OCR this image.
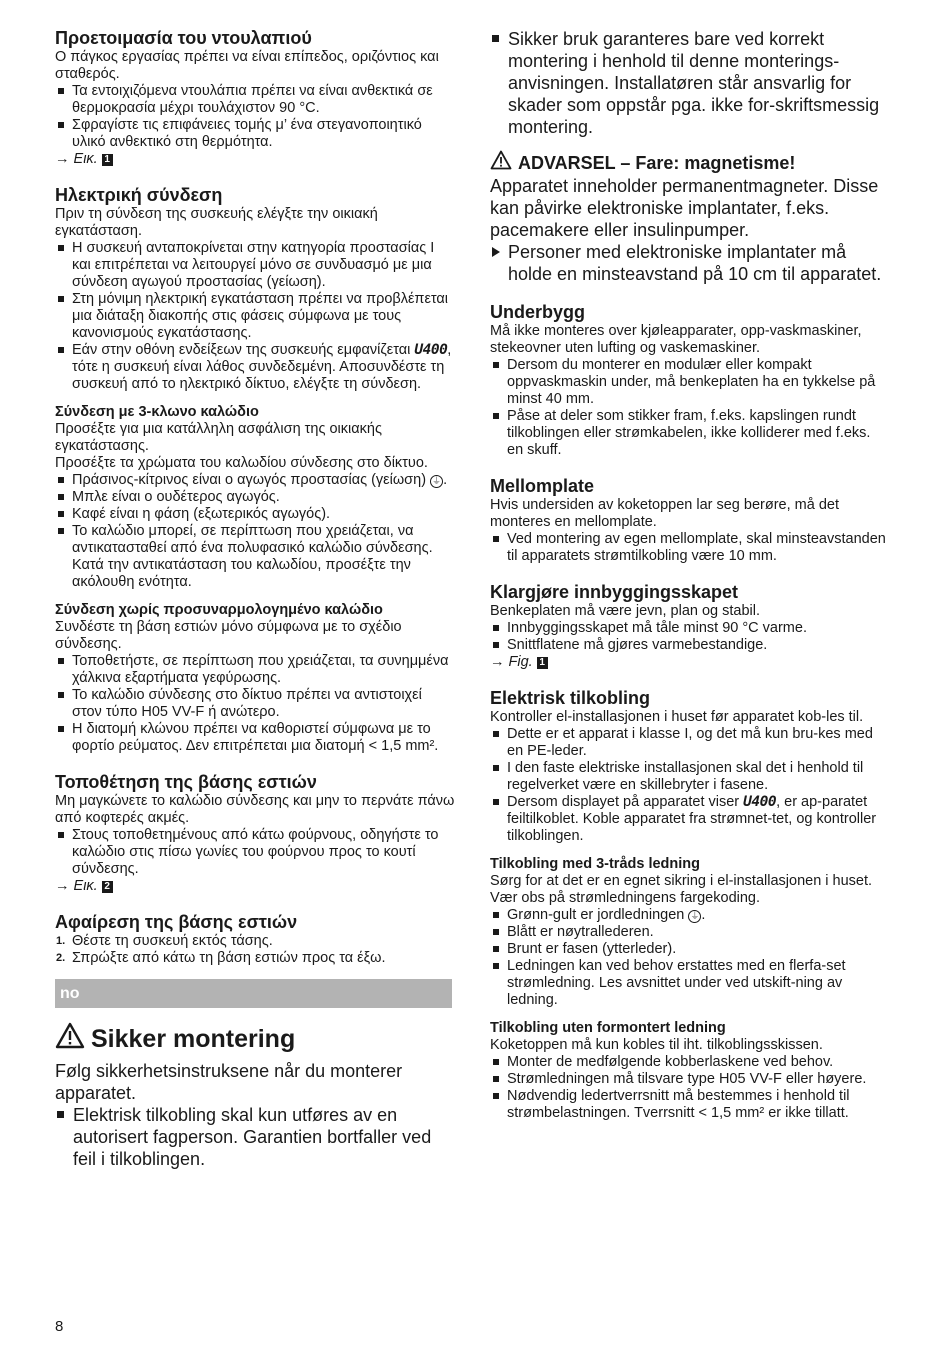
Προετοιμασία του ντουλαπιού

Ο πάγκος εργασίας πρέπει να είναι επίπεδος, οριζόντιος και σταθερός.

Τα εντοιχιζόμενα ντουλάπια πρέπει να είναι ανθεκτικά σε θερμοκρασία μέχρι τουλάχιστον 90 °C.
Σφραγίστε τις επιφάνειες τομής μ’ ένα στεγανοποιητικό υλικό ανθεκτικό στη θερμότητα.
→ Εικ. 1
Ηλεκτρική σύνδεση

Πριν τη σύνδεση της συσκευής ελέγξτε την οικιακή εγκατάσταση.

Η συσκευή ανταποκρίνεται στην κατηγορία προστασίας I και επιτρέπεται να λειτουργεί μόνο σε συνδυασμό με μια σύνδεση αγωγού προστασίας (γείωση).
Στη μόνιμη ηλεκτρική εγκατάσταση πρέπει να προβλέπεται μια διάταξη διακοπής στις φάσεις σύμφωνα με τους κανονισμούς εγκατάστασης.
Εάν στην οθόνη ενδείξεων της συσκευής εμφανίζεται U400, τότε η συσκευή είναι λάθος συνδεδεμένη. Αποσυνδέστε τη συσκευή από το ηλεκτρικό δίκτυο, ελέγξτε τη σύνδεση.
Σύνδεση με 3-κλωνο καλώδιο

Προσέξτε για μια κατάλληλη ασφάλιση της οικιακής εγκατάστασης.

Προσέξτε τα χρώματα του καλωδίου σύνδεσης στο δίκτυο.

Πράσινος-κίτρινος είναι ο αγωγός προστασίας (γείωση) ⏚ .
Μπλε είναι ο ουδέτερος αγωγός.
Καφέ είναι η φάση (εξωτερικός αγωγός).
Το καλώδιο μπορεί, σε περίπτωση που χρειάζεται, να αντικατασταθεί από ένα πολυφασικό καλώδιο σύνδεσης. Κατά την αντικατάσταση του καλωδίου, προσέξτε την ακόλουθη ενότητα.
Σύνδεση χωρίς προσυναρμολογημένο καλώδιο

Συνδέστε τη βάση εστιών μόνο σύμφωνα με το σχέδιο σύνδεσης.

Τοποθετήστε, σε περίπτωση που χρειάζεται, τα συνημμένα χάλκινα εξαρτήματα γεφύρωσης.
Το καλώδιο σύνδεσης στο δίκτυο πρέπει να αντιστοιχεί στον τύπο H05 VV-F ή ανώτερο.
Η διατομή κλώνου πρέπει να καθοριστεί σύμφωνα με το φορτίο ρεύματος. Δεν επιτρέπεται μια διατομή < 1,5 mm².
Τοποθέτηση της βάσης εστιών

Μη μαγκώνετε το καλώδιο σύνδεσης και μην το περνάτε πάνω από κοφτερές ακμές.

Στους τοποθετημένους από κάτω φούρνους, οδηγήστε το καλώδιο στις πίσω γωνίες του φούρνου προς το κουτί σύνδεσης.
→ Εικ. 2
Αφαίρεση της βάσης εστιών
1. Θέστε τη συσκευή εκτός τάσης.
2. Σπρώξτε από κάτω τη βάση εστιών προς τα έξω.
no
Sikker montering

Følg sikkerhetsinstruksene når du monterer apparatet.

Elektrisk tilkobling skal kun utføres av en autorisert fagperson. Garantien bortfaller ved feil i tilkoblingen.
Sikker bruk garanteres bare ved korrekt montering i henhold til denne monterings-anvisningen. Installatøren står ansvarlig for skader som oppstår pga. ikke for-skriftsmessig montering.
ADVARSEL – Fare: magnetisme!

Apparatet inneholder permanentmagneter. Disse kan påvirke elektroniske implantater, f.eks. pacemakere eller insulinpumper.

Personer med elektroniske implantater må holde en minsteavstand på 10 cm til apparatet.
Underbygg

Må ikke monteres over kjøleapparater, opp-vaskmaskiner, stekeovner uten lufting og vaskemaskiner.

Dersom du monterer en modulær eller kompakt oppvaskmaskin under, må benkeplaten ha en tykkelse på minst 40 mm.
Påse at deler som stikker fram, f.eks. kapslingen rundt tilkoblingen eller strømkabelen, ikke kolliderer med f.eks. en skuff.
Mellomplate

Hvis undersiden av koketoppen lar seg berøre, må det monteres en mellomplate.

Ved montering av egen mellomplate, skal minsteavstanden til apparatets strømtilkobling være 10 mm.
Klargjøre innbyggingsskapet

Benkeplaten må være jevn, plan og stabil.

Innbyggingsskapet må tåle minst 90 °C varme.
Snittflatene må gjøres varmebestandige.
→ Fig. 1
Elektrisk tilkobling

Kontroller el-installasjonen i huset før apparatet kob-les til.

Dette er et apparat i klasse I, og det må kun bru-kes med en PE-leder.
I den faste elektriske installasjonen skal det i henhold til regelverket være en skillebryter i fasene.
Dersom displayet på apparatet viser U400, er ap-paratet feiltilkoblet. Koble apparatet fra strømnet-tet, og kontroller tilkoblingen.
Tilkobling med 3-tråds ledning

Sørg for at det er en egnet sikring i el-installasjonen i huset.

Vær obs på strømledningens fargekoding.

Grønn-gult er jordledningen ⏚ .
Blått er nøytrallederen.
Brunt er fasen (ytterleder).
Ledningen kan ved behov erstattes med en flerfa-set strømledning. Les avsnittet under ved utskift-ning av ledning.
Tilkobling uten formontert ledning

Koketoppen må kun kobles til iht. tilkoblingsskissen.

Monter de medfølgende kobberlaskene ved behov.
Strømledningen må tilsvare type H05 VV-F eller høyere.
Nødvendig ledertverrsnitt må bestemmes i henhold til strømbelastningen. Tverrsnitt < 1,5 mm² er ikke tillatt.
8
